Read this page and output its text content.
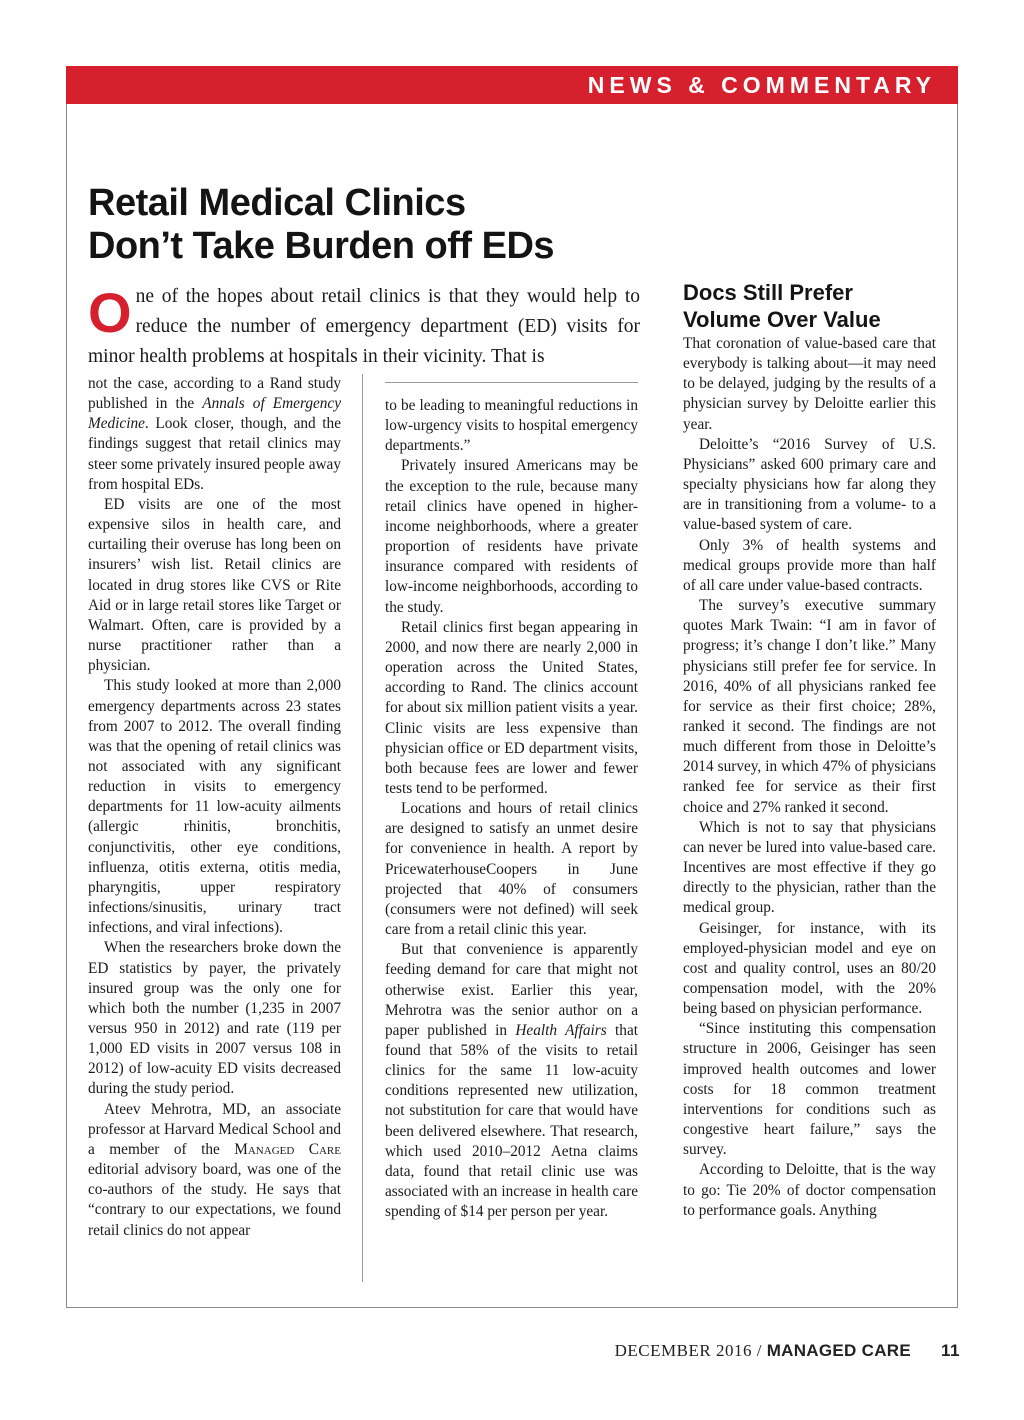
NEWS & COMMENTARY
Retail Medical Clinics
Don’t Take Burden off EDs

One of the hopes about retail clinics is that they would help to reduce the number of emergency department (ED) visits for minor health problems at hospitals in their vicinity. That is

not the case, according to a Rand study published in the Annals of Emergency Medicine. Look closer, though, and the findings suggest that retail clinics may steer some privately insured people away from hospital EDs.

ED visits are one of the most expensive silos in health care, and curtailing their overuse has long been on insurers’ wish list. Retail clinics are located in drug stores like CVS or Rite Aid or in large retail stores like Target or Walmart. Often, care is provided by a nurse practitioner rather than a physician.

This study looked at more than 2,000 emergency departments across 23 states from 2007 to 2012. The overall finding was that the opening of retail clinics was not associated with any significant reduction in visits to emergency departments for 11 low-acuity ailments (allergic rhinitis, bronchitis, conjunctivitis, other eye conditions, influenza, otitis externa, otitis media, pharyngitis, upper respiratory infections/sinusitis, urinary tract infections, and viral infections).

When the researchers broke down the ED statistics by payer, the privately insured group was the only one for which both the number (1,235 in 2007 versus 950 in 2012) and rate (119 per 1,000 ED visits in 2007 versus 108 in 2012) of low-acuity ED visits decreased during the study period.

Ateev Mehrotra, MD, an associate professor at Harvard Medical School and a member of the Managed Care editorial advisory board, was one of the co-authors of the study. He says that “contrary to our expectations, we found retail clinics do not appear

to be leading to meaningful reductions in low-urgency visits to hospital emergency departments.”

Privately insured Americans may be the exception to the rule, because many retail clinics have opened in higher-income neighborhoods, where a greater proportion of residents have private insurance compared with residents of low-income neighborhoods, according to the study.

Retail clinics first began appearing in 2000, and now there are nearly 2,000 in operation across the United States, according to Rand. The clinics account for about six million patient visits a year. Clinic visits are less expensive than physician office or ED department visits, both because fees are lower and fewer tests tend to be performed.

Locations and hours of retail clinics are designed to satisfy an unmet desire for convenience in health. A report by PricewaterhouseCoopers in June projected that 40% of consumers (consumers were not defined) will seek care from a retail clinic this year.

But that convenience is apparently feeding demand for care that might not otherwise exist. Earlier this year, Mehrotra was the senior author on a paper published in Health Affairs that found that 58% of the visits to retail clinics for the same 11 low-acuity conditions represented new utilization, not substitution for care that would have been delivered elsewhere. That research, which used 2010–2012 Aetna claims data, found that retail clinic use was associated with an increase in health care spending of $14 per person per year.

Docs Still Prefer
Volume Over Value

That coronation of value-based care that everybody is talking about—it may need to be delayed, judging by the results of a physician survey by Deloitte earlier this year.

Deloitte’s “2016 Survey of U.S. Physicians” asked 600 primary care and specialty physicians how far along they are in transitioning from a volume- to a value-based system of care.

Only 3% of health systems and medical groups provide more than half of all care under value-based contracts.

The survey’s executive summary quotes Mark Twain: “I am in favor of progress; it’s change I don’t like.” Many physicians still prefer fee for service. In 2016, 40% of all physicians ranked fee for service as their first choice; 28%, ranked it second. The findings are not much different from those in Deloitte’s 2014 survey, in which 47% of physicians ranked fee for service as their first choice and 27% ranked it second.

Which is not to say that physicians can never be lured into value-based care. Incentives are most effective if they go directly to the physician, rather than the medical group.

Geisinger, for instance, with its employed-physician model and eye on cost and quality control, uses an 80/20 compensation model, with the 20% being based on physician performance.

“Since instituting this compensation structure in 2006, Geisinger has seen improved health outcomes and lower costs for 18 common treatment interventions for conditions such as congestive heart failure,” says the survey.

According to Deloitte, that is the way to go: Tie 20% of doctor compensation to performance goals. Anything

DECEMBER 2016 / MANAGED CARE 11
